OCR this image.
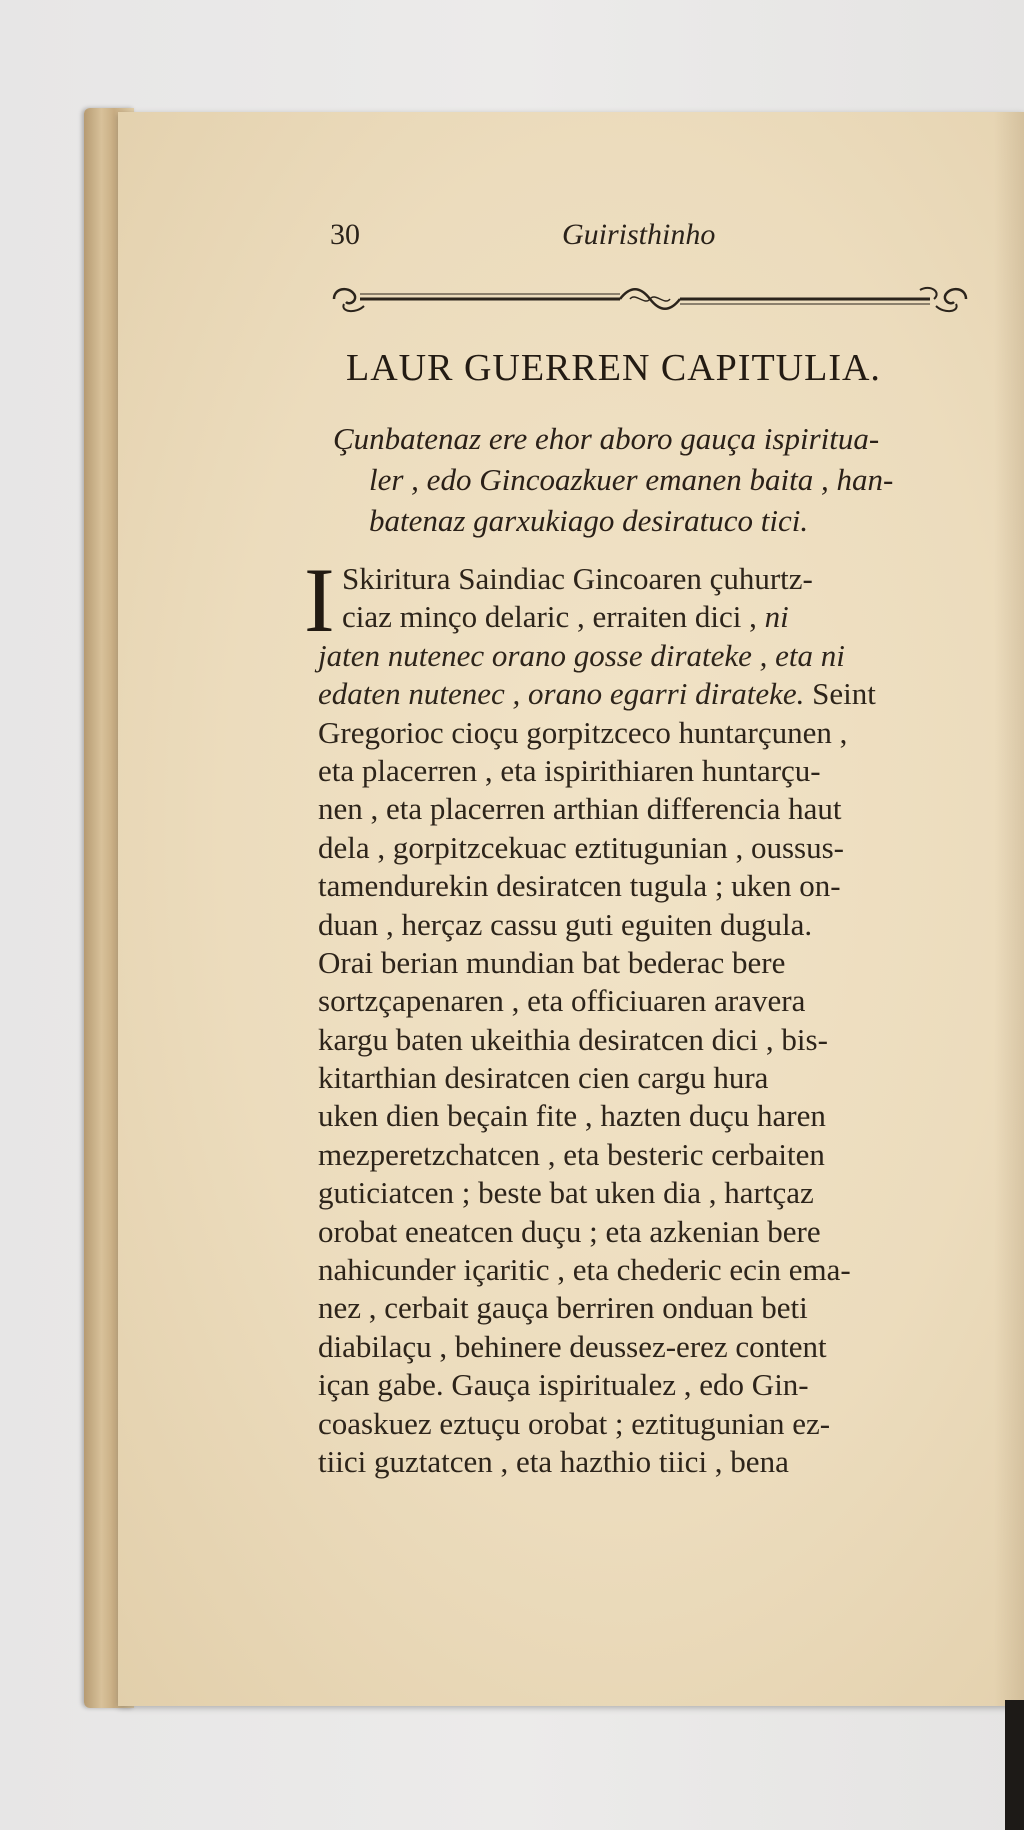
30	Guiristhinho
LAUR GUERREN CAPITULIA.
Çunbatenaz ere ehor aboro gauça ispiritua-
ler , edo Gincoazkuer emanen baita , han-
batenaz garxukiago desiratuco tici.
I Skiritura Saindiac Gincoaren çuhurtz-
ciaz minço delaric , erraiten dici , ni
jaten nutenec orano gosse dirateke , eta ni
edaten nutenec , orano egarri dirateke. Seint
Gregorioc cioçu gorpitzceco huntarçunen ,
eta placerren , eta ispirithiaren huntarçu-
nen , eta placerren arthian differencia haut
dela , gorpitzcekuac eztitugunian , oussus-
tamendurekin desiratcen tugula ; uken on-
duan , herçaz cassu guti eguiten dugula.
Orai berian mundian bat bederac bere
sortzçapenaren , eta officiuaren aravera
kargu baten ukeithia desiratcen dici , bis-
kitarthian desiratcen cien cargu hura
uken dien beçain fite , hazten duçu haren
mezperetzchatcen , eta besteric cerbaiten
guticiatcen ; beste bat uken dia , hartçaz
orobat eneatcen duçu ; eta azkenian bere
nahicunder içaritic , eta chederic ecin ema-
nez , cerbait gauça berriren onduan beti
diabilaçu , behinere deussez-erez content
içan gabe. Gauça ispiritualez , edo Gin-
coaskuez eztuçu orobat ; eztitugunian ez-
tiici guztatcen , eta hazthio tiici , bena
